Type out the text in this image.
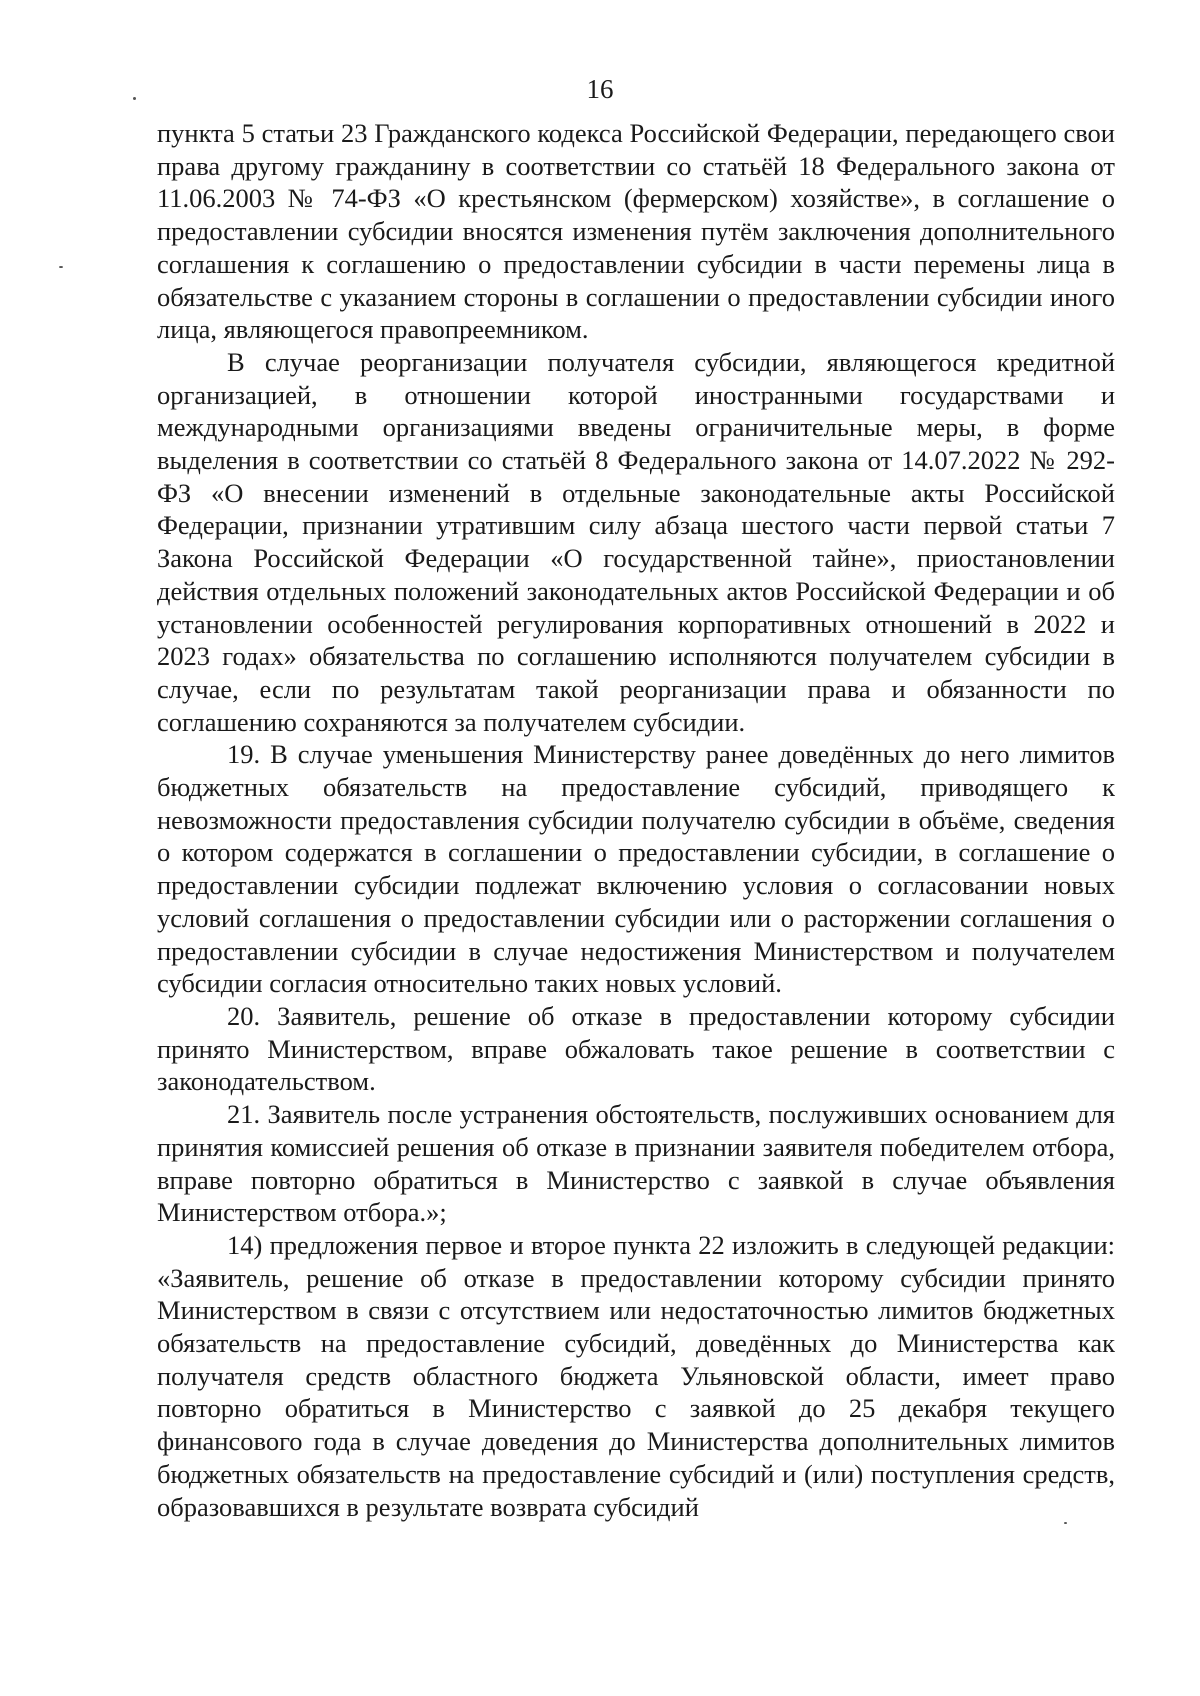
16

пункта 5 статьи 23 Гражданского кодекса Российской Федерации, передающего свои права другому гражданину в соответствии со статьёй 18 Федерального закона от 11.06.2003 № 74-ФЗ «О крестьянском (фермерском) хозяйстве», в соглашение о предоставлении субсидии вносятся изменения путём заключения дополнительного соглашения к соглашению о предоставлении субсидии в части перемены лица в обязательстве с указанием стороны в соглашении о предоставлении субсидии иного лица, являющегося правопреемником.

В случае реорганизации получателя субсидии, являющегося кредитной организацией, в отношении которой иностранными государствами и международными организациями введены ограничительные меры, в форме выделения в соответствии со статьёй 8 Федерального закона от 14.07.2022 № 292-ФЗ «О внесении изменений в отдельные законодательные акты Российской Федерации, признании утратившим силу абзаца шестого части первой статьи 7 Закона Российской Федерации «О государственной тайне», приостановлении действия отдельных положений законодательных актов Российской Федерации и об установлении особенностей регулирования корпоративных отношений в 2022 и 2023 годах» обязательства по соглашению исполняются получателем субсидии в случае, если по результатам такой реорганизации права и обязанности по соглашению сохраняются за получателем субсидии.

19. В случае уменьшения Министерству ранее доведённых до него лимитов бюджетных обязательств на предоставление субсидий, приводящего к невозможности предоставления субсидии получателю субсидии в объёме, сведения о котором содержатся в соглашении о предоставлении субсидии, в соглашение о предоставлении субсидии подлежат включению условия о согласовании новых условий соглашения о предоставлении субсидии или о расторжении соглашения о предоставлении субсидии в случае недостижения Министерством и получателем субсидии согласия относительно таких новых условий.

20. Заявитель, решение об отказе в предоставлении которому субсидии принято Министерством, вправе обжаловать такое решение в соответствии с законодательством.

21. Заявитель после устранения обстоятельств, послуживших основанием для принятия комиссией решения об отказе в признании заявителя победителем отбора, вправе повторно обратиться в Министерство с заявкой в случае объявления Министерством отбора.»;

14) предложения первое и второе пункта 22 изложить в следующей редакции: «Заявитель, решение об отказе в предоставлении которому субсидии принято Министерством в связи с отсутствием или недостаточностью лимитов бюджетных обязательств на предоставление субсидий, доведённых до Министерства как получателя средств областного бюджета Ульяновской области, имеет право повторно обратиться в Министерство с заявкой до 25 декабря текущего финансового года в случае доведения до Министерства дополнительных лимитов бюджетных обязательств на предоставление субсидий и (или) поступления средств, образовавшихся в результате возврата субсидий
